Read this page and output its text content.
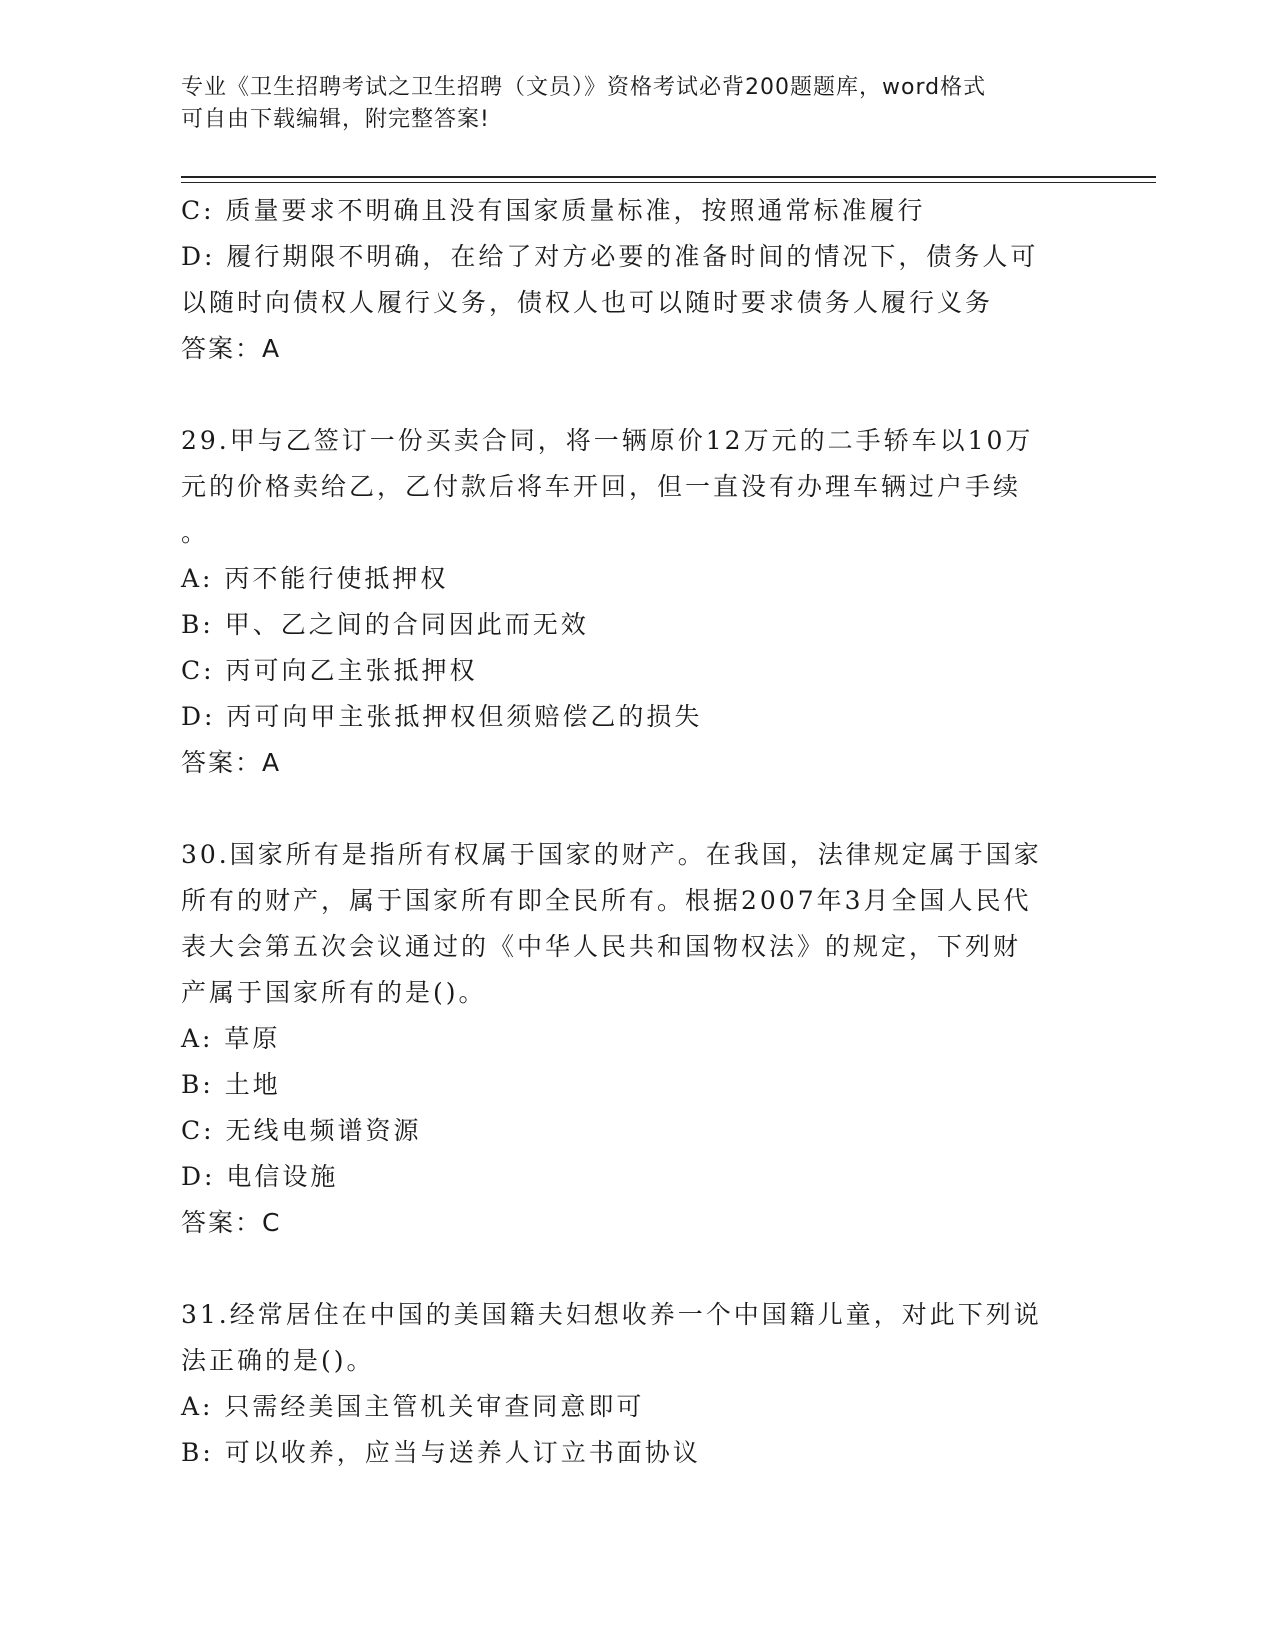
专业《卫生招聘考试之卫生招聘（文员）》资格考试必背200题题库，word格式
可自由下载编辑，附完整答案!
C: 质量要求不明确且没有国家质量标准，按照通常标准履行
D: 履行期限不明确，在给了对方必要的准备时间的情况下，债务人可
以随时向债权人履行义务，债权人也可以随时要求债务人履行义务
答案：A
29.甲与乙签订一份买卖合同，将一辆原价12万元的二手轿车以10万
元的价格卖给乙，乙付款后将车开回，但一直没有办理车辆过户手续
。
A: 丙不能行使抵押权
B: 甲、乙之间的合同因此而无效
C: 丙可向乙主张抵押权
D: 丙可向甲主张抵押权但须赔偿乙的损失
答案：A
30.国家所有是指所有权属于国家的财产。在我国，法律规定属于国家
所有的财产，属于国家所有即全民所有。根据2007年3月全国人民代
表大会第五次会议通过的《中华人民共和国物权法》的规定，下列财
产属于国家所有的是()。
A: 草原
B: 土地
C: 无线电频谱资源
D: 电信设施
答案：C
31.经常居住在中国的美国籍夫妇想收养一个中国籍儿童，对此下列说
法正确的是()。
A: 只需经美国主管机关审查同意即可
B: 可以收养，应当与送养人订立书面协议
